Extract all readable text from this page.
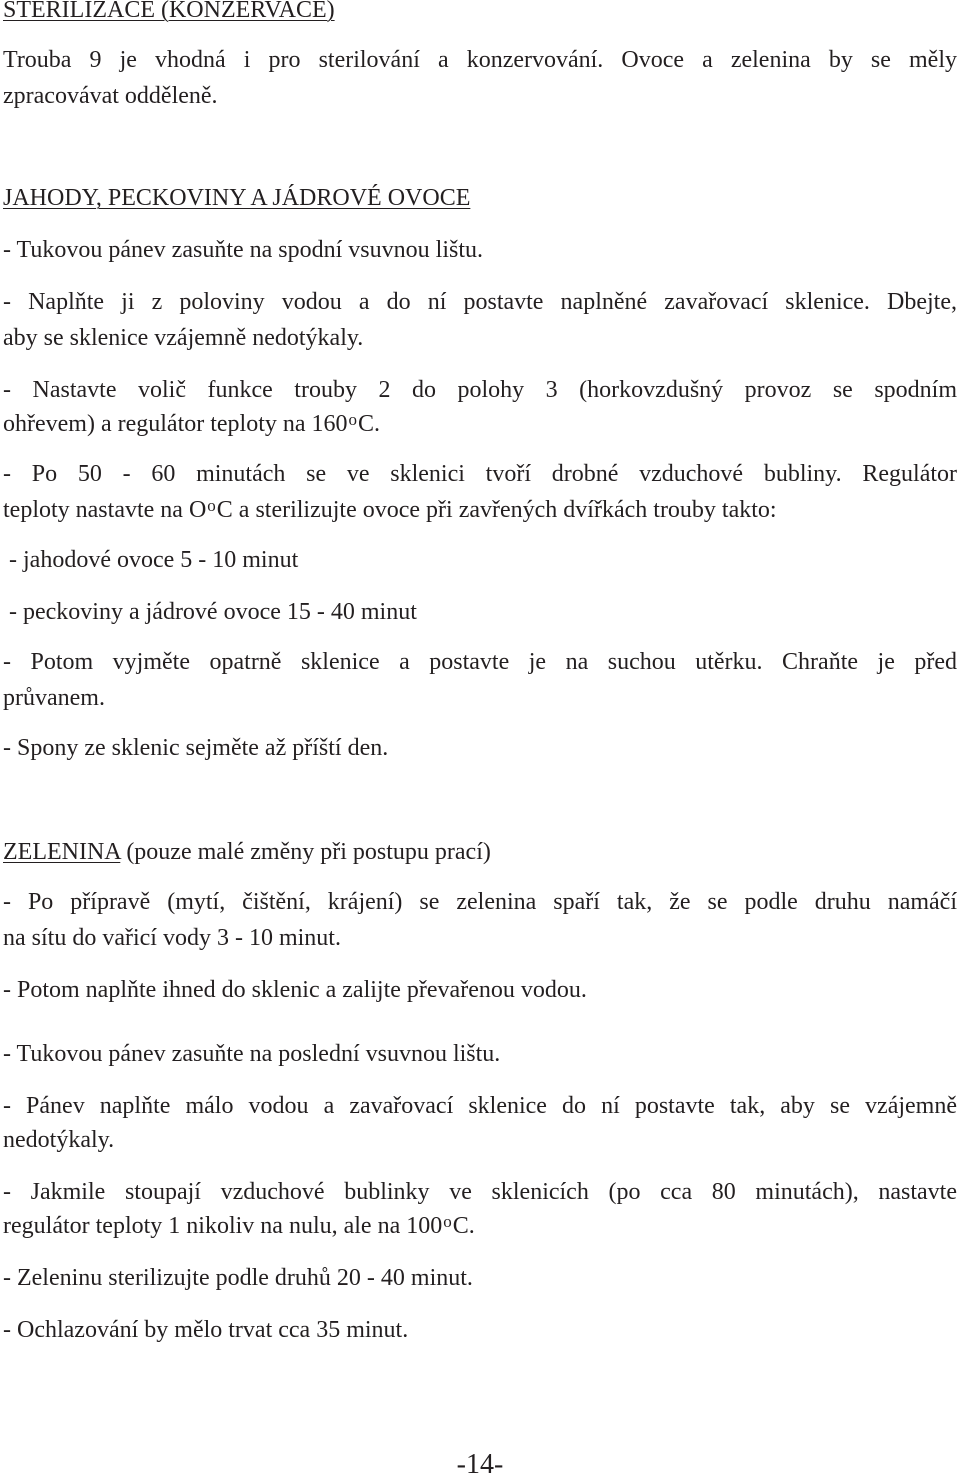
STERILIZACE (KONZERVACE)

Trouba 9 je vhodná i pro sterilování a konzervování. Ovoce a zelenina by se měly

zpracovávat odděleně.

JAHODY, PECKOVINY A JÁDROVÉ OVOCE

- Tukovou pánev zasuňte na spodní vsuvnou lištu.

- Naplňte ji z poloviny vodou a do ní postavte naplněné zavařovací sklenice. Dbejte,

aby se sklenice vzájemně nedotýkaly.

- Nastavte volič funkce trouby 2 do polohy 3 (horkovzdušný provoz se spodním

ohřevem) a regulátor teploty na 160$^o$C.

- Po 50 - 60 minutách se ve sklenici tvoří drobné vzduchové bubliny. Regulátor

teploty nastavte na $O^oC$ a sterilizujte ovoce při zavřených dvířkách trouby takto:

- jahodové ovoce 5 - 10 minut

- peckoviny a jádrové ovoce 15 - 40 minut

- Potom vyjměte opatrně sklenice a postavte je na suchou utěrku. Chraňte je před

průvanem.

- Spony ze sklenic sejměte až příští den.

ZELENINA (pouze malé změny při postupu prací)

- Po přípravě (mytí, čištění, krájení) se zelenina spaří tak, že se podle druhu namáčí

na sítu do vařicí vody 3 - 10 minut.

- Potom naplňte ihned do sklenic a zalijte převařenou vodou.

- Tukovou pánev zasuňte na poslední vsuvnou lištu.

- Pánev naplňte málo vodou a zavařovací sklenice do ní postavte tak, aby se vzájemně

nedotýkaly.

- Jakmile stoupají vzduchové bublinky ve sklenicích (po cca 80 minutách), nastavte

regulátor teploty 1 nikoliv na nulu, ale na 100$^o$C.

- Zeleninu sterilizujte podle druhů 20 - 40 minut.

- Ochlazování by mělo trvat cca 35 minut.

-14-
